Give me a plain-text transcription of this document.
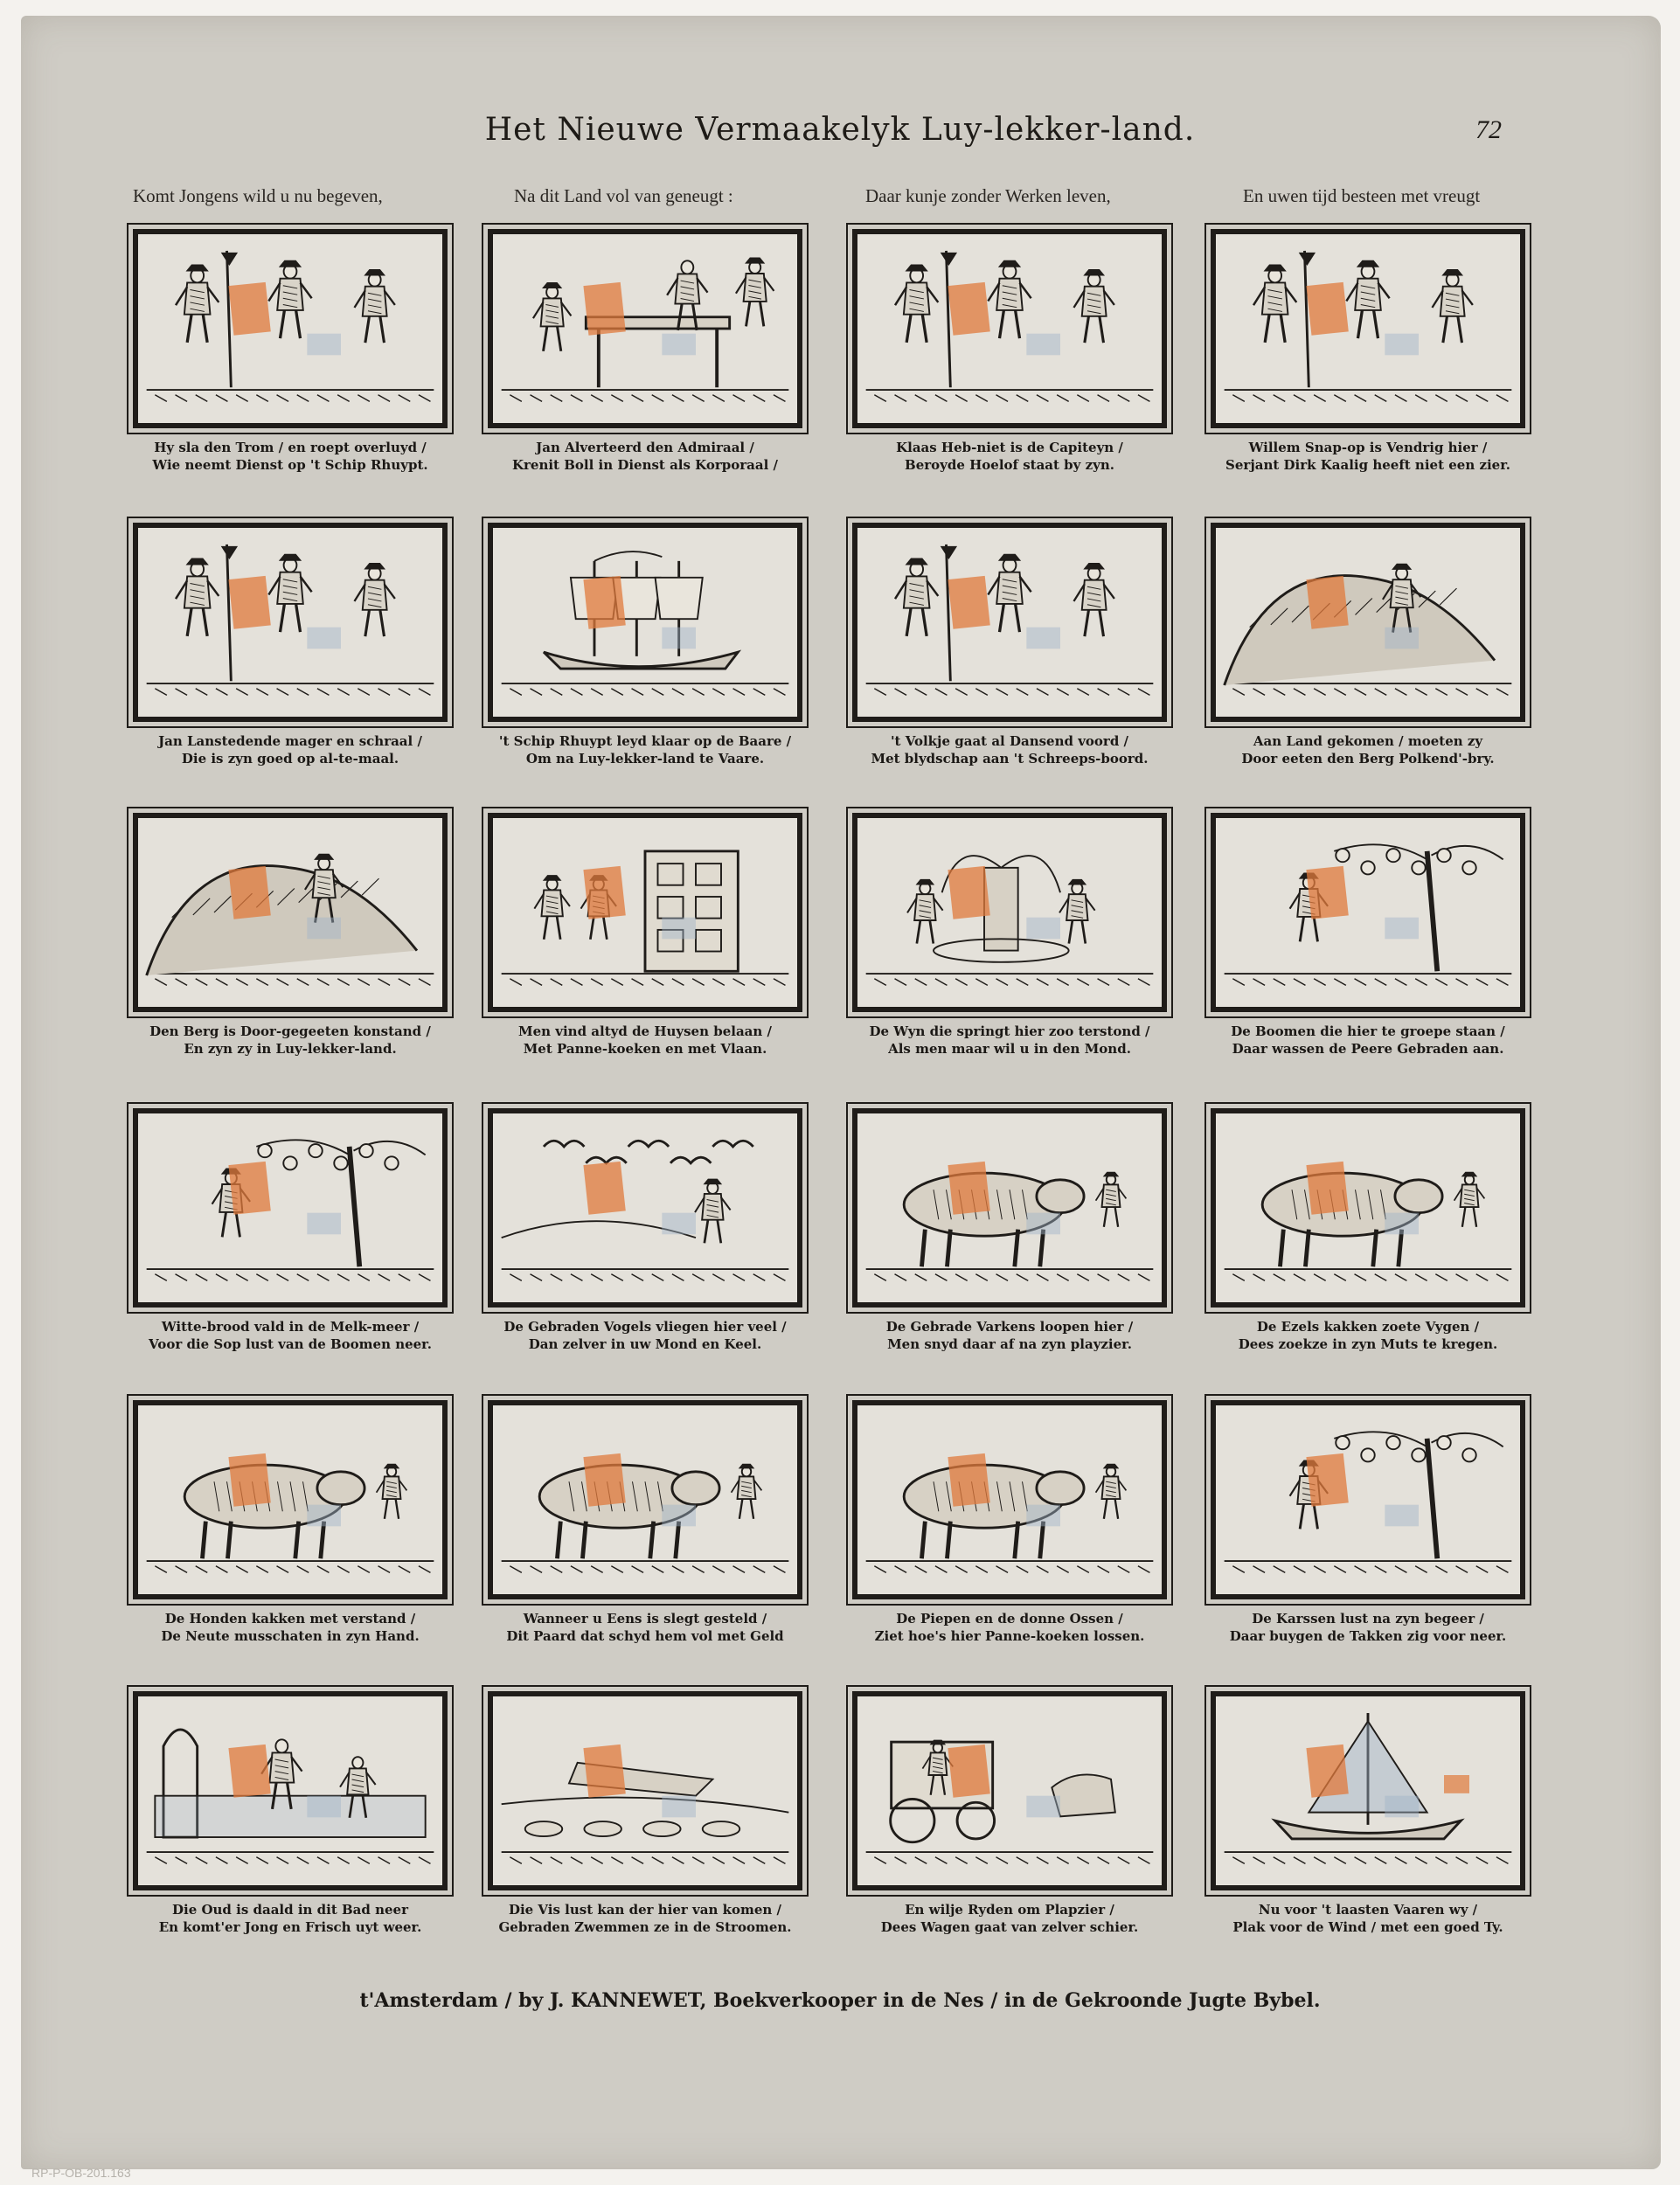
Het Nieuwe Vermaakelyk Luy-lekker-land.	72
Komt Jongens wild u nu begeven,	Na dit Land vol van geneugt :	Daar kunje zonder Werken leven,	En uwen tijd besteen met vreugt
Hy sla den Trom / en roept overluyd /
Wie neemt Dienst op 't Schip Rhuypt.
Jan Alverteerd den Admiraal /
Krenit Boll in Dienst als Korporaal /
Klaas Heb-niet is de Capiteyn /
Beroyde Hoelof staat by zyn.
Willem Snap-op is Vendrig hier /
Serjant Dirk Kaalig heeft niet een zier.
Jan Lanstedende mager en schraal /
Die is zyn goed op al-te-maal.
't Schip Rhuypt leyd klaar op de Baare /
Om na Luy-lekker-land te Vaare.
't Volkje gaat al Dansend voord /
Met blydschap aan 't Schreeps-boord.
Aan Land gekomen / moeten zy
Door eeten den Berg Polkend'-bry.
Den Berg is Door-gegeeten konstand /
En zyn zy in Luy-lekker-land.
Men vind altyd de Huysen belaan /
Met Panne-koeken en met Vlaan.
De Wyn die springt hier zoo terstond /
Als men maar wil u in den Mond.
De Boomen die hier te groepe staan /
Daar wassen de Peere Gebraden aan.
Witte-brood vald in de Melk-meer /
Voor die Sop lust van de Boomen neer.
De Gebraden Vogels vliegen hier veel /
Dan zelver in uw Mond en Keel.
De Gebrade Varkens loopen hier /
Men snyd daar af na zyn playzier.
De Ezels kakken zoete Vygen /
Dees zoekze in zyn Muts te kregen.
De Honden kakken met verstand /
De Neute musschaten in zyn Hand.
Wanneer u Eens is slegt gesteld /
Dit Paard dat schyd hem vol met Geld
De Piepen en de donne Ossen /
Ziet hoe's hier Panne-koeken lossen.
De Karssen lust na zyn begeer /
Daar buygen de Takken zig voor neer.
Die Oud is daald in dit Bad neer
En komt'er Jong en Frisch uyt weer.
Die Vis lust kan der hier van komen /
Gebraden Zwemmen ze in de Stroomen.
En wilje Ryden om Plapzier /
Dees Wagen gaat van zelver schier.
Nu voor 't laasten Vaaren wy /
Plak voor de Wind / met een goed Ty.
t'Amsterdam / by J. KANNEWET, Boekverkooper in de Nes / in de Gekroonde Jugte Bybel.
RP-P-OB-201.163
